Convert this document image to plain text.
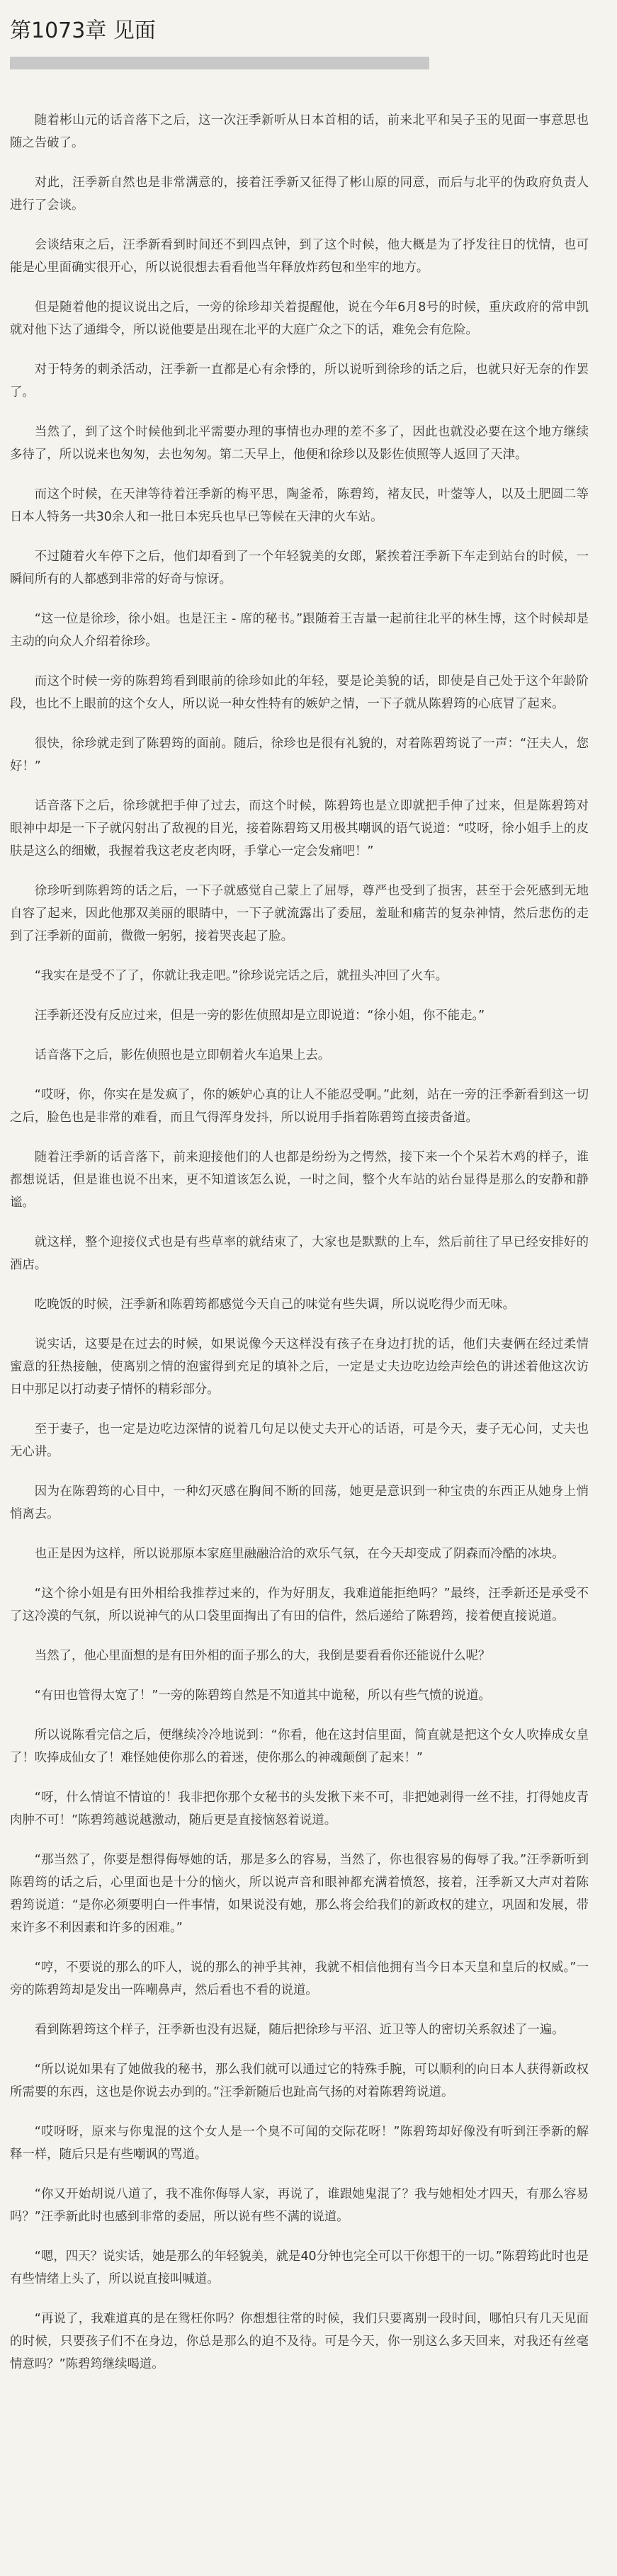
第1073章 见面

随着彬山元的话音落下之后，这一次汪季新听从日本首相的话，前来北平和吴子玉的见面一事意思也随之告破了。

对此，汪季新自然也是非常满意的，接着汪季新又征得了彬山原的同意，而后与北平的伪政府负责人进行了会谈。

会谈结束之后，汪季新看到时间还不到四点钟，到了这个时候，他大概是为了抒发往日的忧情，也可能是心里面确实很开心，所以说很想去看看他当年释放炸药包和坐牢的地方。

但是随着他的提议说出之后，一旁的徐珍却关着提醒他，说在今年6月8号的时候，重庆政府的常申凯就对他下达了通缉令，所以说他要是出现在北平的大庭广众之下的话，难免会有危险。

对于特务的刺杀活动，汪季新一直都是心有余悸的，所以说听到徐珍的话之后，也就只好无奈的作罢了。

当然了，到了这个时候他到北平需要办理的事情也办理的差不多了，因此也就没必要在这个地方继续多待了，所以说来也匆匆，去也匆匆。第二天早上，他便和徐珍以及影佐侦照等人返回了天津。

而这个时候，在天津等待着汪季新的梅平思，陶釜希，陈碧筠，褚友民，叶蓥等人，以及土肥圆二等日本人特务一共30余人和一批日本宪兵也早已等候在天津的火车站。

不过随着火车停下之后，他们却看到了一个年轻貌美的女郎，紧挨着汪季新下车走到站台的时候，一瞬间所有的人都感到非常的好奇与惊讶。

“这一位是徐珍，徐小姐。也是汪主 - 席的秘书。”跟随着王吉量一起前往北平的林生博，这个时候却是主动的向众人介绍着徐珍。

而这个时候一旁的陈碧筠看到眼前的徐珍如此的年轻，要是论美貌的话，即使是自己处于这个年龄阶段，也比不上眼前的这个女人，所以说一种女性特有的嫉妒之情，一下子就从陈碧筠的心底冒了起来。

很快，徐珍就走到了陈碧筠的面前。随后，徐珍也是很有礼貌的，对着陈碧筠说了一声：“汪夫人，您好！”

话音落下之后，徐珍就把手伸了过去，而这个时候，陈碧筠也是立即就把手伸了过来，但是陈碧筠对眼神中却是一下子就闪射出了敌视的目光，接着陈碧筠又用极其嘲讽的语气说道：“哎呀，徐小姐手上的皮肤是这么的细嫩，我握着我这老皮老肉呀，手掌心一定会发痛吧！”

徐珍听到陈碧筠的话之后，一下子就感觉自己蒙上了屈辱，尊严也受到了损害，甚至于会死感到无地自容了起来，因此他那双美丽的眼睛中，一下子就流露出了委屈，羞耻和痛苦的复杂神情，然后悲伤的走到了汪季新的面前，微微一躬躬，接着哭丧起了脸。

“我实在是受不了了，你就让我走吧。”徐珍说完话之后，就扭头冲回了火车。

汪季新还没有反应过来，但是一旁的影佐侦照却是立即说道：“徐小姐，你不能走。”

话音落下之后，影佐侦照也是立即朝着火车追果上去。

“哎呀，你，你实在是发疯了，你的嫉妒心真的让人不能忍受啊。”此刻，站在一旁的汪季新看到这一切之后，脸色也是非常的难看，而且气得浑身发抖，所以说用手指着陈碧筠直接责备道。

随着汪季新的话音落下，前来迎接他们的人也都是纷纷为之愕然，接下来一个个呆若木鸡的样子，谁都想说话，但是谁也说不出来，更不知道该怎么说，一时之间，整个火车站的站台显得是那么的安静和静谧。

就这样，整个迎接仪式也是有些草率的就结束了，大家也是默默的上车，然后前往了早已经安排好的酒店。

吃晚饭的时候，汪季新和陈碧筠都感觉今天自己的味觉有些失调，所以说吃得少而无味。

说实话，这要是在过去的时候，如果说像今天这样没有孩子在身边打扰的话，他们夫妻俩在经过柔情蜜意的狂热接触，使离别之情的泡蜜得到充足的填补之后，一定是丈夫边吃边绘声绘色的讲述着他这次访日中那足以打动妻子情怀的精彩部分。

至于妻子，也一定是边吃边深情的说着几句足以使丈夫开心的话语，可是今天，妻子无心问，丈夫也无心讲。

因为在陈碧筠的心目中，一种幻灭感在胸间不断的回荡，她更是意识到一种宝贵的东西正从她身上悄悄离去。

也正是因为这样，所以说那原本家庭里融融洽洽的欢乐气氛，在今天却变成了阴森而冷酷的冰块。

“这个徐小姐是有田外相给我推荐过来的，作为好朋友，我难道能拒绝吗？”最终，汪季新还是承受不了这冷漠的气氛，所以说神气的从口袋里面掏出了有田的信件，然后递给了陈碧筠，接着便直接说道。

当然了，他心里面想的是有田外相的面子那么的大，我倒是要看看你还能说什么呢？

“有田也管得太宽了！”一旁的陈碧筠自然是不知道其中诡秘，所以有些气愤的说道。

所以说陈看完信之后，便继续冷冷地说到：“你看，他在这封信里面，简直就是把这个女人吹捧成女皇了！吹捧成仙女了！难怪她使你那么的着迷，使你那么的神魂颠倒了起来！”

“呀，什么情谊不情谊的！我非把你那个女秘书的头发揪下来不可，非把她剥得一丝不挂，打得她皮青肉肿不可！”陈碧筠越说越激动，随后更是直接恼怒着说道。

“那当然了，你要是想得侮辱她的话，那是多么的容易，当然了，你也很容易的侮辱了我。”汪季新听到陈碧筠的话之后，心里面也是十分的恼火，所以说声音和眼神都充满着愤怒，接着，汪季新又大声对着陈碧筠说道：“是你必须要明白一件事情，如果说没有她，那么将会给我们的新政权的建立，巩固和发展，带来许多不利因素和许多的困难。”

“哼，不要说的那么的吓人，说的那么的神乎其神，我就不相信他拥有当今日本天皇和皇后的权威。”一旁的陈碧筠却是发出一阵嘲鼻声，然后看也不看的说道。

看到陈碧筠这个样子，汪季新也没有迟疑，随后把徐珍与平沼、近卫等人的密切关系叙述了一遍。

“所以说如果有了她做我的秘书，那么我们就可以通过它的特殊手腕，可以顺利的向日本人获得新政权所需要的东西，这也是你说去办到的。”汪季新随后也趾高气扬的对着陈碧筠说道。

“哎呀呀，原来与你鬼混的这个女人是一个臭不可闻的交际花呀！”陈碧筠却好像没有听到汪季新的解释一样，随后只是有些嘲讽的骂道。

“你又开始胡说八道了，我不准你侮辱人家，再说了，谁跟她鬼混了？我与她相处才四天，有那么容易吗？”汪季新此时也感到非常的委屈，所以说有些不满的说道。

“嗯，四天？说实话，她是那么的年轻貌美，就是40分钟也完全可以干你想干的一切。”陈碧筠此时也是有些情绪上头了，所以说直接叫喊道。

“再说了，我难道真的是在鸳枉你吗？你想想往常的时候，我们只要离别一段时间，哪怕只有几天见面的时候，只要孩子们不在身边，你总是那么的迫不及待。可是今天，你一别这么多天回来，对我还有丝毫情意吗？”陈碧筠继续喝道。
